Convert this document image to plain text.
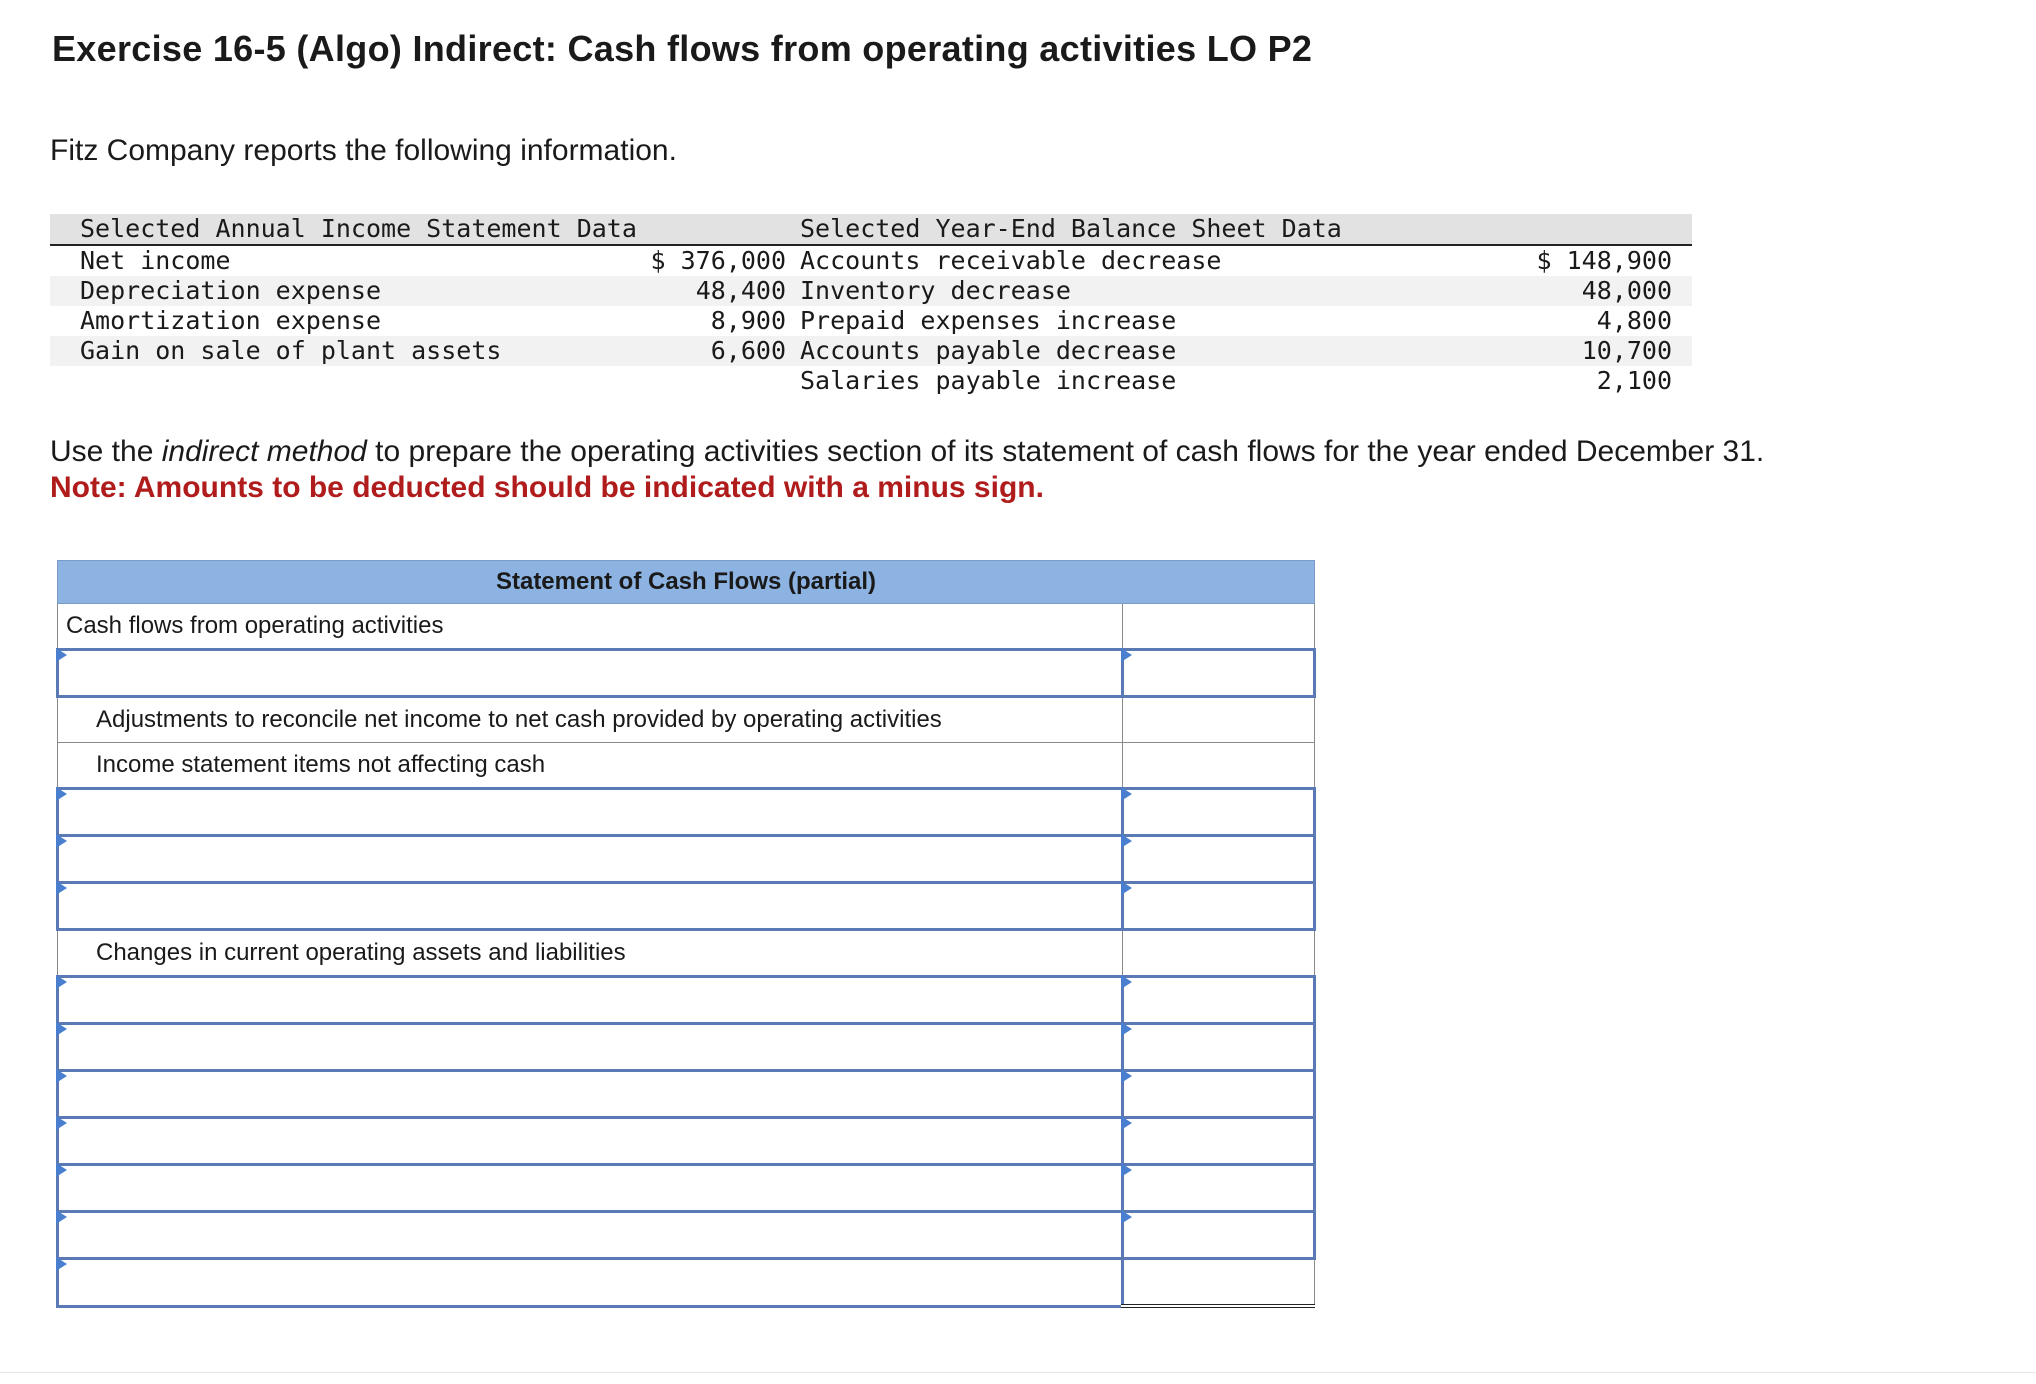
Exercise 16-5 (Algo) Indirect: Cash flows from operating activities LO P2
Fitz Company reports the following information.
Selected Annual Income Statement Data		Selected Year-End Balance Sheet Data	
Net income	$ 376,000	Accounts receivable decrease	$ 148,900
Depreciation expense	48,400	Inventory decrease	48,000
Amortization expense	8,900	Prepaid expenses increase	4,800
Gain on sale of plant assets	6,600	Accounts payable decrease	10,700
		Salaries payable increase	2,100
Use the indirect method to prepare the operating activities section of its statement of cash flows for the year ended December 31.
Note: Amounts to be deducted should be indicated with a minus sign.
Statement of Cash Flows (partial)	
Cash flows from operating activities	

Adjustments to reconcile net income to net cash provided by operating activities	
Income statement items not affecting cash	

Changes in current operating assets and liabilities	
